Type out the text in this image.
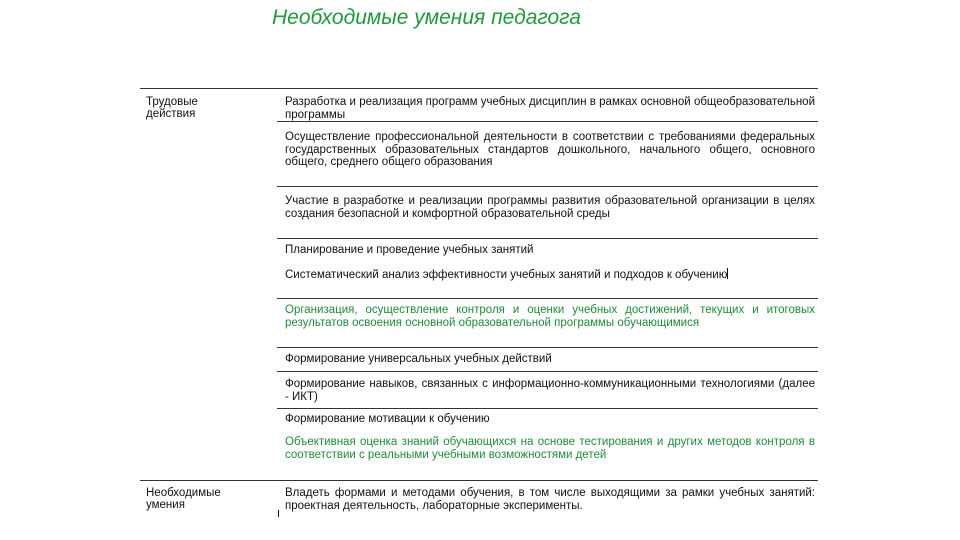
Необходимые умения педагога
Трудовые
действия
Разработка и реализация программ учебных дисциплин в рамках основной общеобразовательной программы
Осуществление профессиональной деятельности в соответствии с требованиями федеральных государственных образовательных стандартов дошкольного, начального общего, основного общего, среднего общего образования
Участие в разработке и реализации программы развития образовательной организации в целях создания безопасной и комфортной образовательной среды
Планирование и проведение учебных занятий
Систематический анализ эффективности учебных занятий и подходов к обучению
Организация, осуществление контроля и оценки учебных достижений, текущих и итоговых результатов освоения основной образовательной программы обучающимися
Формирование универсальных учебных действий
Формирование навыков, связанных с информационно-коммуникационными технологиями (далее - ИКТ)
Формирование мотивации к обучению
Объективная оценка знаний обучающихся на основе тестирования и других методов контроля в соответствии с реальными учебными возможностями детей
Необходимые
умения
Владеть формами и методами обучения, в том числе выходящими за рамки учебных занятий: проектная деятельность, лабораторные эксперименты.
